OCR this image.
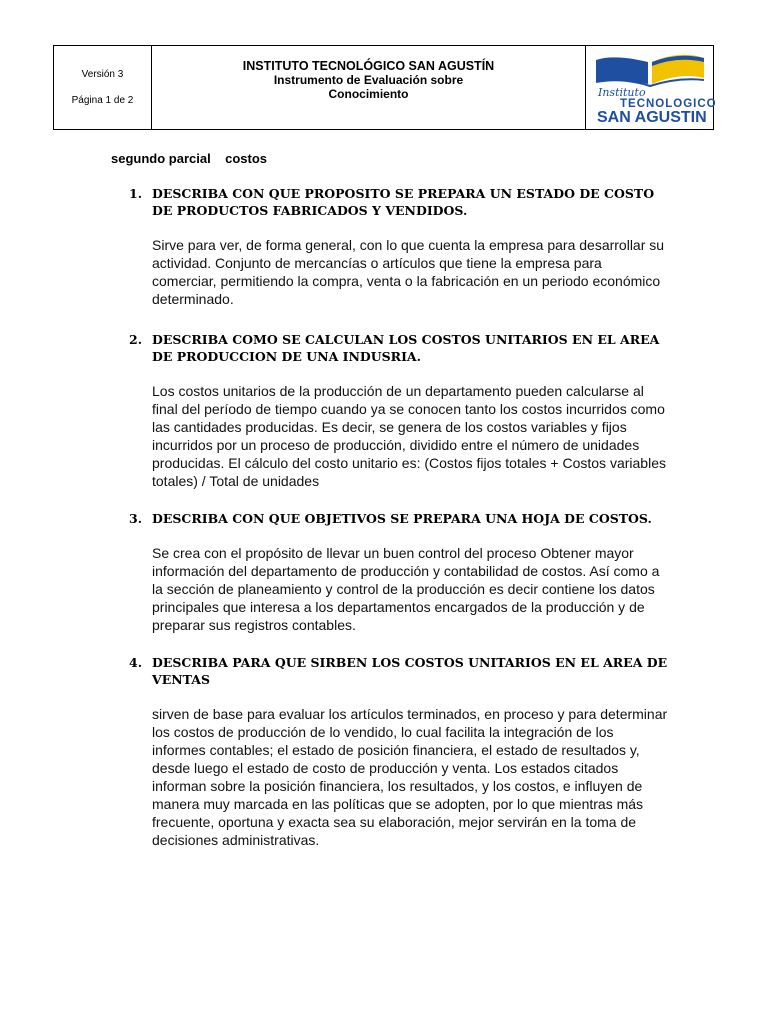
Versión 3
Página 1 de 2
INSTITUTO TECNOLÓGICO SAN AGUSTÍN
Instrumento de Evaluación sobre
Conocimiento	Instituto
TECNOLOGICO
SAN AGUSTIN
segundo parcial    costos
1. DESCRIBA CON QUE PROPOSITO SE PREPARA UN ESTADO DE COSTO DE PRODUCTOS FABRICADOS Y VENDIDOS.
Sirve para ver, de forma general, con lo que cuenta la empresa para desarrollar su actividad. Conjunto de mercancías o artículos que tiene la empresa para comerciar, permitiendo la compra, venta o la fabricación en un periodo económico determinado.
2. DESCRIBA COMO SE CALCULAN LOS COSTOS UNITARIOS EN EL AREA DE PRODUCCION DE UNA INDUSRIA.
Los costos unitarios de la producción de un departamento pueden calcularse al final del período de tiempo cuando ya se conocen tanto los costos incurridos como las cantidades producidas. Es decir, se genera de los costos variables y fijos incurridos por un proceso de producción, dividido entre el número de unidades producidas. El cálculo del costo unitario es: (Costos fijos totales + Costos variables totales) / Total de unidades
3. DESCRIBA CON QUE OBJETIVOS SE PREPARA UNA HOJA DE COSTOS.
Se crea con el propósito de llevar un buen control del proceso Obtener mayor información del departamento de producción y contabilidad de costos. Así como a la sección de planeamiento y control de la producción es decir contiene los datos principales que interesa a los departamentos encargados de la producción y de preparar sus registros contables.
4. DESCRIBA PARA QUE SIRBEN LOS COSTOS UNITARIOS EN EL AREA DE VENTAS
sirven de base para evaluar los artículos terminados, en proceso y para determinar los costos de producción de lo vendido, lo cual facilita la integración de los informes contables; el estado de posición financiera, el estado de resultados y, desde luego el estado de costo de producción y venta. Los estados citados informan sobre la posición financiera, los resultados, y los costos, e influyen de manera muy marcada en las políticas que se adopten, por lo que mientras más frecuente, oportuna y exacta sea su elaboración, mejor servirán en la toma de decisiones administrativas.
